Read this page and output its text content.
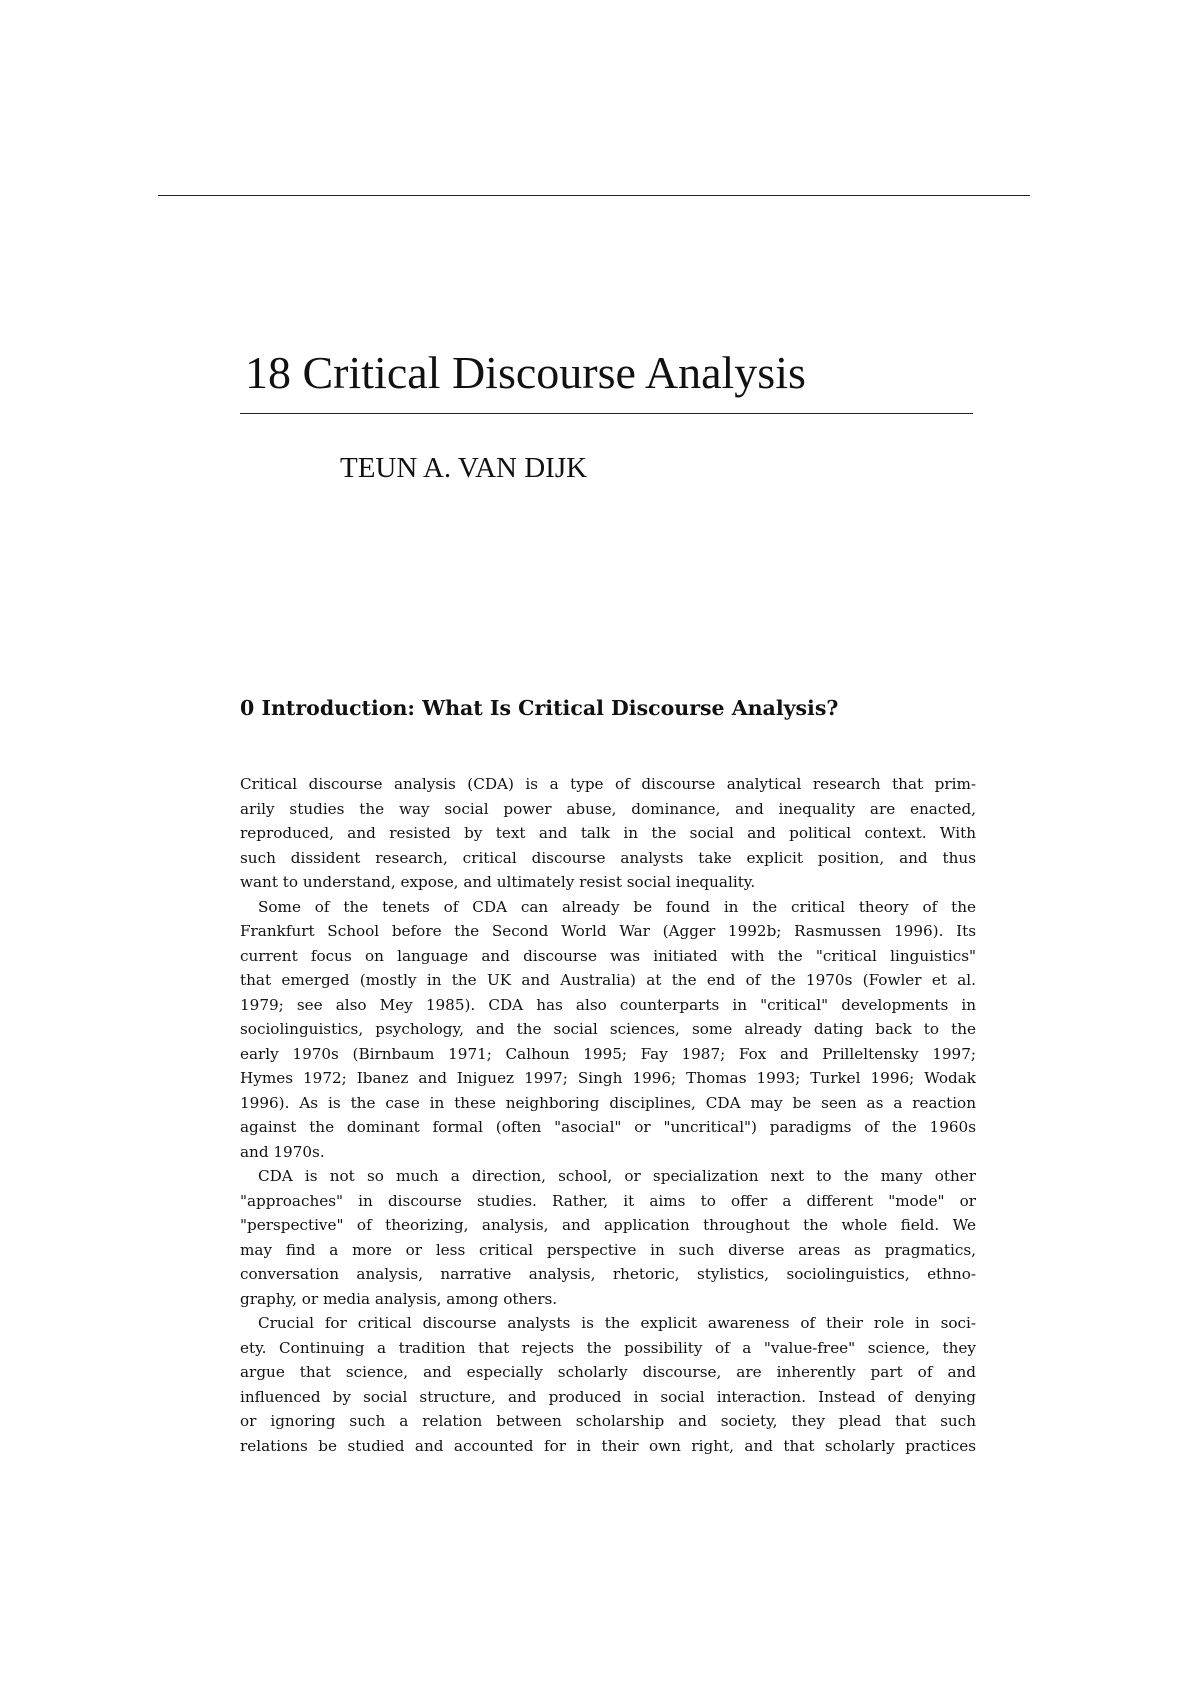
18 Critical Discourse Analysis
TEUN A. VAN DIJK
0 Introduction: What Is Critical Discourse Analysis?

Critical discourse analysis (CDA) is a type of discourse analytical research that prim-
arily studies the way social power abuse, dominance, and inequality are enacted,
reproduced, and resisted by text and talk in the social and political context. With
such dissident research, critical discourse analysts take explicit position, and thus
want to understand, expose, and ultimately resist social inequality.

Some of the tenets of CDA can already be found in the critical theory of the
Frankfurt School before the Second World War (Agger 1992b; Rasmussen 1996). Its
current focus on language and discourse was initiated with the "critical linguistics"
that emerged (mostly in the UK and Australia) at the end of the 1970s (Fowler et al.
1979; see also Mey 1985). CDA has also counterparts in "critical" developments in
sociolinguistics, psychology, and the social sciences, some already dating back to the
early 1970s (Birnbaum 1971; Calhoun 1995; Fay 1987; Fox and Prilleltensky 1997;
Hymes 1972; Ibanez and Iniguez 1997; Singh 1996; Thomas 1993; Turkel 1996; Wodak
1996). As is the case in these neighboring disciplines, CDA may be seen as a reaction
against the dominant formal (often "asocial" or "uncritical") paradigms of the 1960s
and 1970s.

CDA is not so much a direction, school, or specialization next to the many other
"approaches" in discourse studies. Rather, it aims to offer a different "mode" or
"perspective" of theorizing, analysis, and application throughout the whole field. We
may find a more or less critical perspective in such diverse areas as pragmatics,
conversation analysis, narrative analysis, rhetoric, stylistics, sociolinguistics, ethno-
graphy, or media analysis, among others.

Crucial for critical discourse analysts is the explicit awareness of their role in soci-
ety. Continuing a tradition that rejects the possibility of a "value-free" science, they
argue that science, and especially scholarly discourse, are inherently part of and
influenced by social structure, and produced in social interaction. Instead of denying
or ignoring such a relation between scholarship and society, they plead that such
relations be studied and accounted for in their own right, and that scholarly practices
